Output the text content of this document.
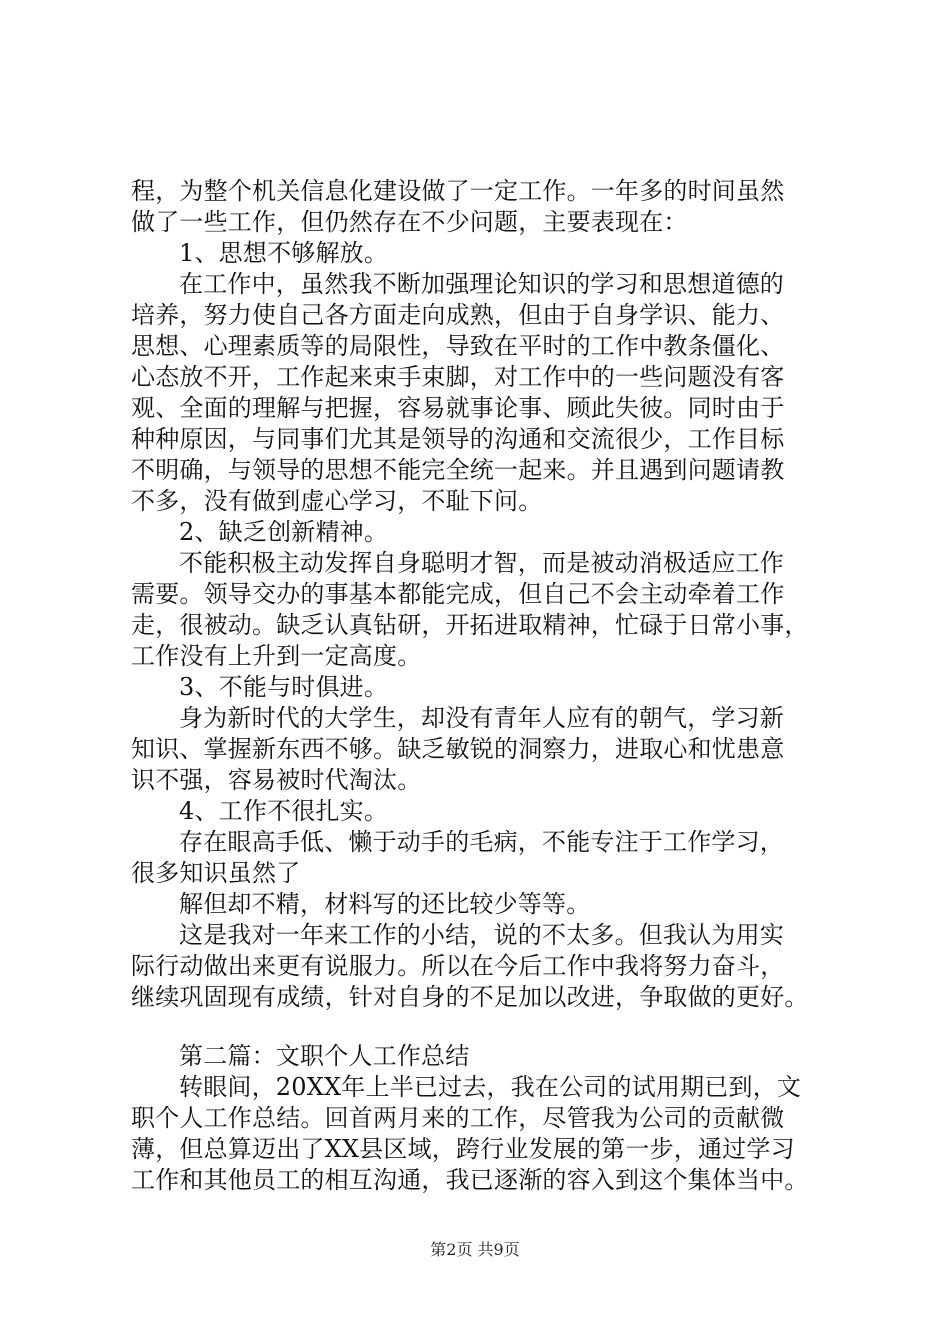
程，为整个机关信息化建设做了一定工作。一年多的时间虽然
做了一些工作，但仍然存在不少问题，主要表现在：
1、思想不够解放。
在工作中，虽然我不断加强理论知识的学习和思想道德的
培养，努力使自己各方面走向成熟，但由于自身学识、能力、
思想、心理素质等的局限性，导致在平时的工作中教条僵化、
心态放不开，工作起来束手束脚，对工作中的一些问题没有客
观、全面的理解与把握，容易就事论事、顾此失彼。同时由于
种种原因，与同事们尤其是领导的沟通和交流很少，工作目标
不明确，与领导的思想不能完全统一起来。并且遇到问题请教
不多，没有做到虚心学习，不耻下问。
2、缺乏创新精神。
不能积极主动发挥自身聪明才智，而是被动消极适应工作
需要。领导交办的事基本都能完成，但自己不会主动牵着工作
走，很被动。缺乏认真钻研，开拓进取精神，忙碌于日常小事，
工作没有上升到一定高度。
3、不能与时俱进。
身为新时代的大学生，却没有青年人应有的朝气，学习新
知识、掌握新东西不够。缺乏敏锐的洞察力，进取心和忧患意
识不强，容易被时代淘汰。
4、工作不很扎实。
存在眼高手低、懒于动手的毛病，不能专注于工作学习，
很多知识虽然了
解但却不精，材料写的还比较少等等。
这是我对一年来工作的小结，说的不太多。但我认为用实
际行动做出来更有说服力。所以在今后工作中我将努力奋斗，
继续巩固现有成绩，针对自身的不足加以改进，争取做的更好。
第二篇：文职个人工作总结
转眼间，20XX年上半已过去，我在公司的试用期已到，文
职个人工作总结。回首两月来的工作，尽管我为公司的贡献微
薄，但总算迈出了XX县区域，跨行业发展的第一步，通过学习
工作和其他员工的相互沟通，我已逐渐的容入到这个集体当中。
第2页 共9页
